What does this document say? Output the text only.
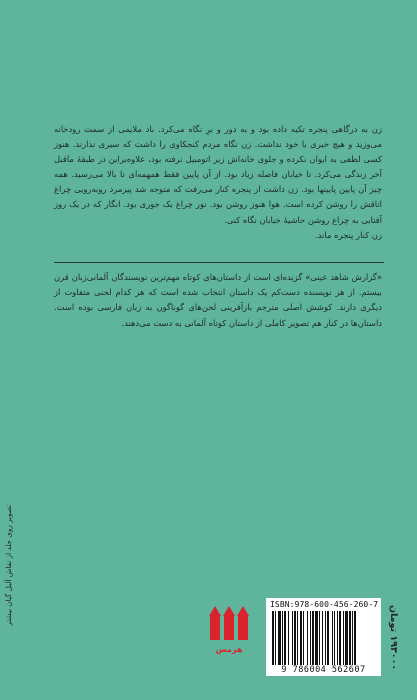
زن به درگاهی پنجره تکیه داده بود و به دور و برِ نگاه می‌کرد. باد ملایمی از سمت رودخانه می‌وزید و هیچ خبری با خود نداشت. زن نگاه مردم کنجکاوی را داشت که سیری ندارند. هنوز کسی لطفی به ایوان نکرده و جلوی خانه‌اش زیر اتومبیل نرفته بود، علاوه‌براین در طبقهٔ ماقبل آخر زندگی می‌کرد. تا خیابان فاصله زیاد بود. از آن پایین فقط همهمه‌ای تا بالا می‌رسید. همه چیز آن پایین پایینها بود. زن داشت از پنجره کنار می‌رفت که متوجه شد پیرمرد روبه‌رویی چراغ اتاقش را روشن کرده است. هوا هنوز روشن بود. نور چراغ یک جوری بود. انگار که در یک روز آفتابی به چراغ روشن حاشیهٔ خیابان نگاه کنی.

زن کنار پنجره ماند.

«گزارش شاهد عینی» گزیده‌ای است از داستان‌های کوتاه مهم‌ترین نویسندگان آلمانی‌زبان قرن بیستم. از هر نویسنده دست‌کم یک داستان انتخاب شده است که هر کدام لحنی متفاوت از دیگری دارند. کوشش اصلی مترجم بازآفرینی لحن‌های گوناگون به زبان فارسی بوده است. داستان‌ها در کنار هم تصویر کاملی از داستان کوتاه آلمانی به دست می‌دهند.

تصویر روی جلد از نقاش آلیل گیان بیشتر
هرمس
ISBN:978-600-456-260-7
9 786004 562607
۱۹۳۰۰۰ تومان
